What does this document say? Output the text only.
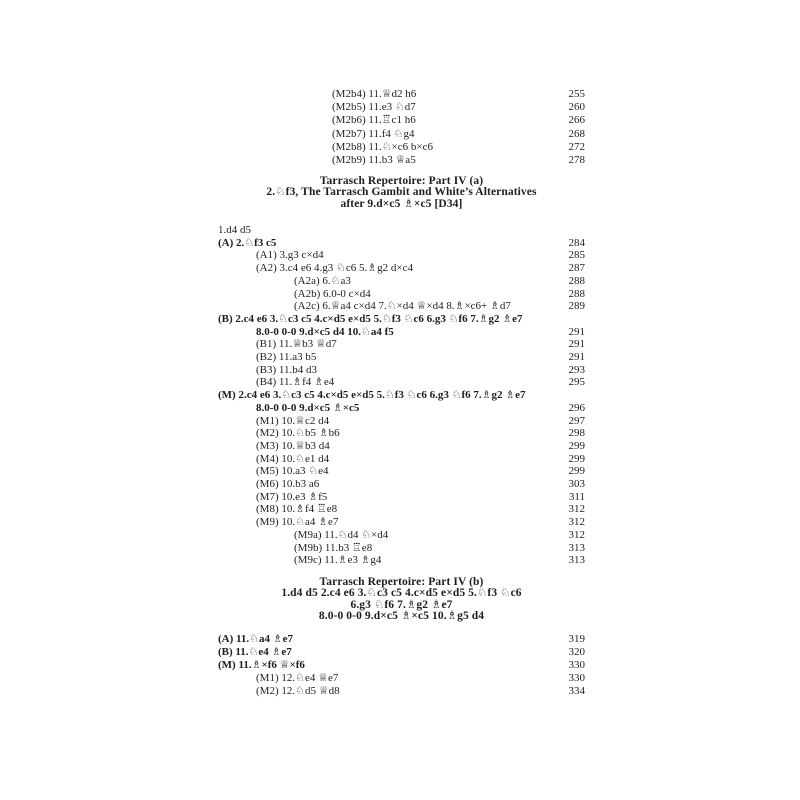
(M2b4) 11.♕d2 h6	255
(M2b5) 11.e3 ♘d7	260
(M2b6) 11.♖c1 h6	266
(M2b7) 11.f4 ♘g4	268
(M2b8) 11.♘×c6 b×c6	272
(M2b9) 11.b3 ♕a5	278
Tarrasch Repertoire: Part IV (a)
2.♘f3, The Tarrasch Gambit and White’s Alternatives
after 9.d×c5 ♗×c5 [D34]
1.d4 d5
(A) 2.♘f3 c5	284
(A1) 3.g3 c×d4	285
(A2) 3.c4 e6 4.g3 ♘c6 5.♗g2 d×c4	287
(A2a) 6.♘a3	288
(A2b) 6.0-0 c×d4	288
(A2c) 6.♕a4 c×d4 7.♘×d4 ♕×d4 8.♗×c6+ ♗d7	289
(B) 2.c4 e6 3.♘c3 c5 4.c×d5 e×d5 5.♘f3 ♘c6 6.g3 ♘f6 7.♗g2 ♗e7
8.0-0 0-0 9.d×c5 d4 10.♘a4 f5	291
(B1) 11.♕b3 ♕d7	291
(B2) 11.a3 b5	291
(B3) 11.b4 d3	293
(B4) 11.♗f4 ♗e4	295
(M) 2.c4 e6 3.♘c3 c5 4.c×d5 e×d5 5.♘f3 ♘c6 6.g3 ♘f6 7.♗g2 ♗e7
8.0-0 0-0 9.d×c5 ♗×c5	296
(M1) 10.♕c2 d4	297
(M2) 10.♘b5 ♗b6	298
(M3) 10.♕b3 d4	299
(M4) 10.♘e1 d4	299
(M5) 10.a3 ♘e4	299
(M6) 10.b3 a6	303
(M7) 10.e3 ♗f5	311
(M8) 10.♗f4 ♖e8	312
(M9) 10.♘a4 ♗e7	312
(M9a) 11.♘d4 ♘×d4	312
(M9b) 11.b3 ♖e8	313
(M9c) 11.♗e3 ♗g4	313
Tarrasch Repertoire: Part IV (b)
1.d4 d5 2.c4 e6 3.♘c3 c5 4.c×d5 e×d5 5.♘f3 ♘c6
6.g3 ♘f6 7.♗g2 ♗e7
8.0-0 0-0 9.d×c5 ♗×c5 10.♗g5 d4
(A) 11.♘a4 ♗e7	319
(B) 11.♘e4 ♗e7	320
(M) 11.♗×f6 ♕×f6	330
(M1) 12.♘e4 ♕e7	330
(M2) 12.♘d5 ♕d8	334
